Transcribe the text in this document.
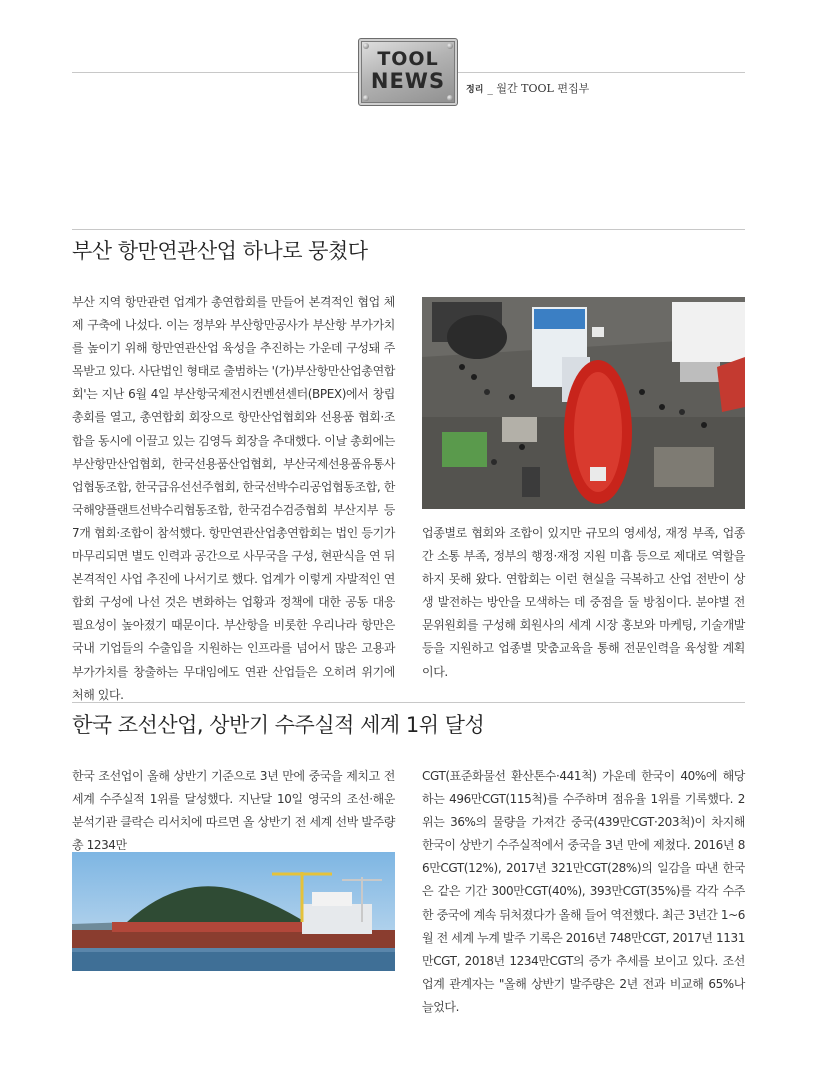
TOOL
NEWS	정리 _ 월간 TOOL 편집부
부산 항만연관산업 하나로 뭉쳤다

부산 지역 항만관련 업계가 총연합회를 만들어 본격적인 협업 체제 구축에 나섰다. 이는 정부와 부산항만공사가 부산항 부가가치를 높이기 위해 항만연관산업 육성을 추진하는 가운데 구성돼 주목받고 있다. 사단법인 형태로 출범하는 '(가)부산항만산업총연합회'는 지난 6월 4일 부산항국제전시컨벤션센터(BPEX)에서 창립총회를 열고, 총연합회 회장으로 항만산업협회와 선용품 협회·조합을 동시에 이끌고 있는 김영득 회장을 추대했다. 이날 총회에는 부산항만산업협회, 한국선용품산업협회, 부산국제선용품유통사업협동조합, 한국급유선선주협회, 한국선박수리공업협동조합, 한국해양플랜트선박수리협동조합, 한국검수검증협회 부산지부 등 7개 협회·조합이 참석했다. 항만연관산업총연합회는 법인 등기가 마무리되면 별도 인력과 공간으로 사무국을 구성, 현판식을 연 뒤 본격적인 사업 추진에 나서기로 했다. 업계가 이렇게 자발적인 연합회 구성에 나선 것은 변화하는 업황과 정책에 대한 공동 대응 필요성이 높아졌기 때문이다. 부산항을 비롯한 우리나라 항만은 국내 기업들의 수출입을 지원하는 인프라를 넘어서 많은 고용과 부가가치를 창출하는 무대임에도 연관 산업들은 오히려 위기에 처해 있다.

업종별로 협회와 조합이 있지만 규모의 영세성, 재정 부족, 업종 간 소통 부족, 정부의 행정·재정 지원 미흡 등으로 제대로 역할을 하지 못해 왔다. 연합회는 이런 현실을 극복하고 산업 전반이 상생 발전하는 방안을 모색하는 데 중점을 둘 방침이다. 분야별 전문위원회를 구성해 회원사의 세계 시장 홍보와 마케팅, 기술개발 등을 지원하고 업종별 맞춤교육을 통해 전문인력을 육성할 계획이다.

한국 조선산업, 상반기 수주실적 세계 1위 달성

한국 조선업이 올해 상반기 기준으로 3년 만에 중국을 제치고 전 세계 수주실적 1위를 달성했다. 지난달 10일 영국의 조선·해운 분석기관 클락슨 리서치에 따르면 올 상반기 전 세계 선박 발주량 총 1234만

CGT(표준화물선 환산톤수·441척) 가운데 한국이 40%에 해당하는 496만CGT(115척)를 수주하며 점유율 1위를 기록했다. 2위는 36%의 물량을 가져간 중국(439만CGT·203척)이 차지해 한국이 상반기 수주실적에서 중국을 3년 만에 제쳤다. 2016년 86만CGT(12%), 2017년 321만CGT(28%)의 일감을 따낸 한국은 같은 기간 300만CGT(40%), 393만CGT(35%)를 각각 수주한 중국에 계속 뒤처졌다가 올해 들어 역전했다. 최근 3년간 1~6월 전 세계 누계 발주 기록은 2016년 748만CGT, 2017년 1131만CGT, 2018년 1234만CGT의 증가 추세를 보이고 있다. 조선업계 관계자는 "올해 상반기 발주량은 2년 전과 비교해 65%나 늘었다.
